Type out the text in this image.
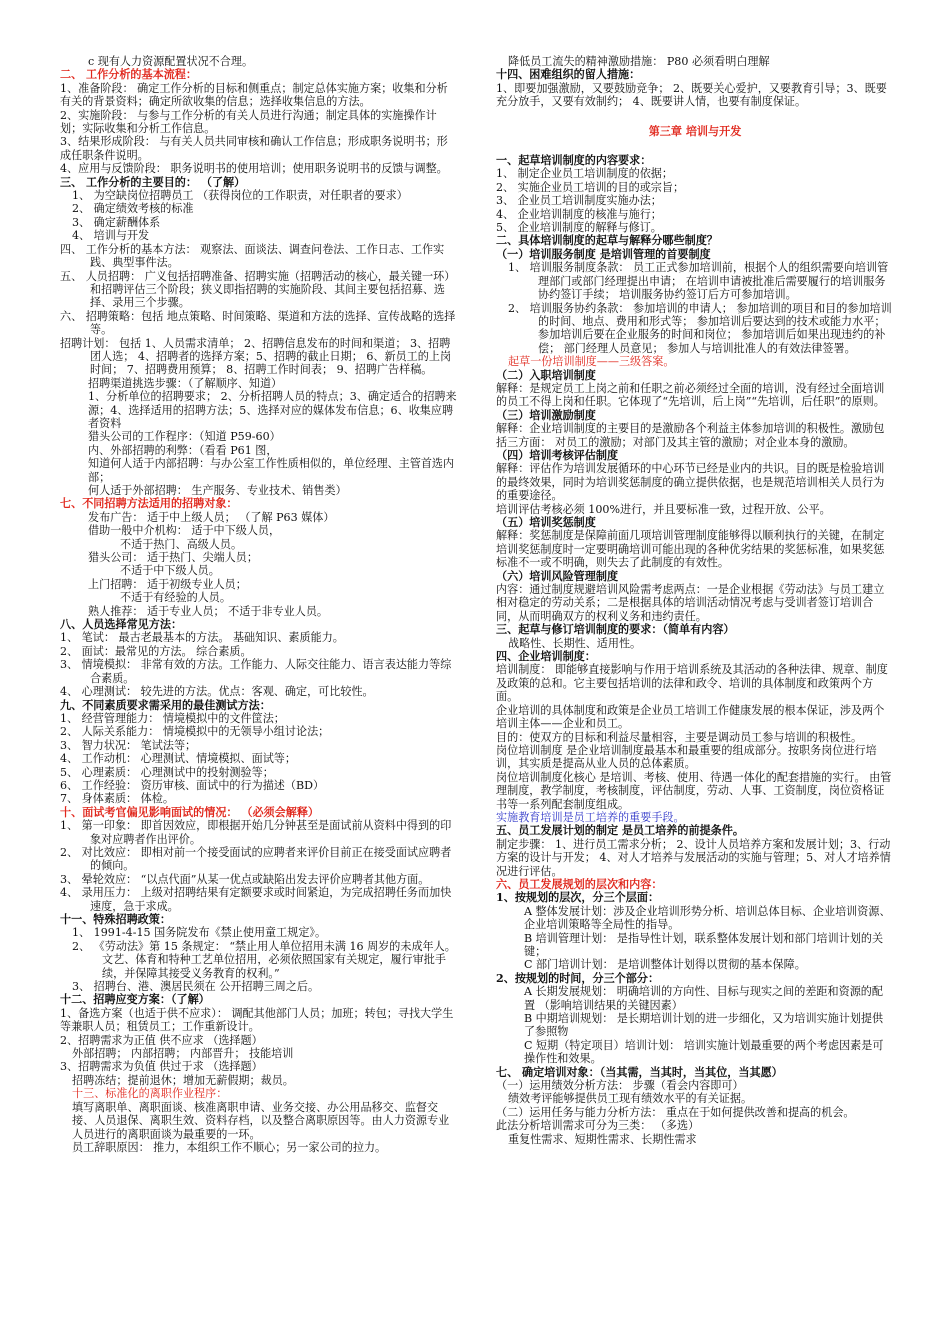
c 现有人力资源配置状况不合理。

二、 工作分析的基本流程：

1、准备阶段： 确定工作分析的目标和侧重点；制定总体实施方案；收集和分析有关的背景资料；确定所欲收集的信息；选择收集信息的方法。

2、实施阶段： 与参与工作分析的有关人员进行沟通；制定具体的实施操作计划；实际收集和分析工作信息。

3、结果形成阶段： 与有关人员共同审核和确认工作信息；形成职务说明书；形成任职条件说明。

4、应用与反馈阶段： 职务说明书的使用培训；使用职务说明书的反馈与调整。

三、 工作分析的主要目的： （了解）

1、 为空缺岗位招聘员工 （获得岗位的工作职责，对任职者的要求）

2、 确定绩效考核的标准

3、 确定薪酬体系

4、 培训与开发

四、 工作分析的基本方法： 观察法、面谈法、调查问卷法、工作日志、工作实践、典型事件法。

五、 人员招聘： 广义包括招聘准备、招聘实施（招聘活动的核心，最关键一环）和招聘评估三个阶段；狭义即指招聘的实施阶段、其间主要包括招募、选择、录用三个步骤。

六、 招聘策略：包括 地点策略、时间策略、渠道和方法的选择、宣传战略的选择等。

招聘计划： 包括 1、人员需求清单； 2、招聘信息发布的时间和渠道； 3、招聘团人选； 4、招聘者的选择方案；5、招聘的截止日期； 6、新员工的上岗时间； 7、招聘费用预算； 8、招聘工作时间表； 9、招聘广告样稿。

招聘渠道挑选步骤：（了解顺序、知道）

1、分析单位的招聘要求； 2、分析招聘人员的特点；3、确定适合的招聘来源；4、选择适用的招聘方法；5、选择对应的媒体发布信息；6、收集应聘者资料

猎头公司的工作程序：（知道 P59-60）

内、外部招聘的利弊：（看看 P61 图，

知道何人适于内部招聘：与办公室工作性质相似的，单位经理、主管首选内部；

何人适于外部招聘： 生产服务、专业技术、销售类）

七、不同招聘方法适用的招聘对象：

发布广告： 适于中上级人员； （了解 P63 媒体）

借助一般中介机构： 适于中下级人员，

不适于热门、高级人员。

猎头公司： 适于热门、尖端人员；

不适于中下级人员。

上门招聘： 适于初级专业人员；

不适于有经验的人员。

熟人推荐： 适于专业人员； 不适于非专业人员。

八、人员选择常见方法：

1、 笔试： 最古老最基本的方法。 基础知识、素质能力。

2、 面试：最常见的方法。 综合素质。

3、 情境模拟： 非常有效的方法。工作能力、人际交往能力、语言表达能力等综合素质。

4、 心理测试： 较先进的方法。优点：客观、确定，可比较性。

九、不同素质要求需采用的最佳测试方法：

1、 经营管理能力： 情境模拟中的文件筐法；

2、 人际关系能力： 情境模拟中的无领导小组讨论法；

3、 智力状况： 笔试法等；

4、 工作动机： 心理测试、情境模拟、面试等；

5、 心理素质： 心理测试中的投射测验等；

6、 工作经验： 资历审核、面试中的行为描述（BD）

7、 身体素质： 体检。

十、面试考官偏见影响面试的情况： （必须会解释）

1、 第一印象： 即首因效应，即根据开始几分钟甚至是面试前从资料中得到的印象对应聘者作出评价。

2、 对比效应： 即相对前一个接受面试的应聘者来评价目前正在接受面试应聘者的倾向。

3、 晕轮效应： “以点代面”从某一优点或缺陷出发去评价应聘者其他方面。

4、 录用压力： 上级对招聘结果有定额要求或时间紧迫，为完成招聘任务而加快速度，急于求成。

十一、特殊招聘政策：

1、 1991-4-15 国务院发布《禁止使用童工规定》。

2、 《劳动法》第 15 条规定： “禁止用人单位招用未满 16 周岁的未成年人。文艺、体育和特种工艺单位招用，必须依照国家有关规定，履行审批手续，并保障其接受义务教育的权利。”

3、 招聘台、港、澳居民须在 公开招聘三周之后。

十二、招聘应变方案：（了解）

1、备选方案（也适于供不应求）： 调配其他部门人员；加班；转包；寻找大学生等兼职人员；租赁员工；工作重新设计。

2、招聘需求为正值 供不应求 （选择题）

外部招聘； 内部招聘； 内部晋升； 技能培训

3、招聘需求为负值 供过于求 （选择题）

招聘冻结；提前退休；增加无薪假期；裁员。

十三、标准化的离职作业程序：

填写离职单、离职面谈、核准离职申请、业务交接、办公用品移交、监督交接、人员退保、离职生效、资料存档，以及整合离职原因等。由人力资源专业人员进行的离职面谈为最重要的一环。

员工辞职原因： 推力，本组织工作不顺心；另一家公司的拉力。

降低员工流失的精神激励措施： P80 必须看明白理解

十四、困难组织的留人措施：

1、即要加强激励，又要鼓励竞争； 2、既要关心爱护，又要教育引导；3、既要充分放手，又要有效制约； 4、既要讲人情，也要有制度保证。

第三章 培训与开发

一、起草培训制度的内容要求：

1、 制定企业员工培训制度的依据；

2、 实施企业员工培训的目的或宗旨；

3、 企业员工培训制度实施办法；

4、 企业培训制度的核准与施行；

5、 企业培训制度的解释与修订。

二、具体培训制度的起草与解释分哪些制度？

（一）培训服务制度 是培训管理的首要制度

1、 培训服务制度条款： 员工正式参加培训前，根据个人的组织需要向培训管理部门或部门经理提出申请； 在培训申请被批准后需要履行的培训服务协约签订手续； 培训服务协约签订后方可参加培训。

2、 培训服务协约条款： 参加培训的申请人； 参加培训的项目和目的参加培训的时间、地点、费用和形式等； 参加培训后要达到的技术或能力水平； 参加培训后要在企业服务的时间和岗位； 参加培训后如果出现违约的补偿； 部门经理人员意见； 参加人与培训批准人的有效法律签署。

起草一份培训制度——三级答案。

（二）入职培训制度

解释：是规定员工上岗之前和任职之前必须经过全面的培训，没有经过全面培训的员工不得上岗和任职。它体现了“先培训，后上岗”“先培训，后任职”的原则。

（三）培训激励制度

解释：企业培训制度的主要目的是激励各个利益主体参加培训的积极性。激励包括三方面： 对员工的激励；对部门及其主管的激励；对企业本身的激励。

（四）培训考核评估制度

解释：评估作为培训发展循环的中心环节已经是业内的共识。目的既是检验培训的最终效果，同时为培训奖惩制度的确立提供依据，也是规范培训相关人员行为的重要途径。

培训评估考核必须 100%进行，并且要标准一致，过程开放、公平。

（五）培训奖惩制度

解释：奖惩制度是保障前面几项培训管理制度能够得以顺利执行的关键，在制定培训奖惩制度时一定要明确培训可能出现的各种优劣结果的奖惩标准，如果奖惩标准不一或不明确，则失去了此制度的有效性。

（六）培训风险管理制度

内容：通过制度规避培训风险需考虑两点：一是企业根据《劳动法》与员工建立相对稳定的劳动关系；二是根据具体的培训活动情况考虑与受训者签订培训合同，从而明确双方的权利义务和违约责任。

三、起草与修订培训制度的要求：（简单有内容）

战略性、长期性、适用性。

四、企业培训制度：

培训制度： 即能够直接影响与作用于培训系统及其活动的各种法律、规章、制度及政策的总和。它主要包括培训的法律和政令、培训的具体制度和政策两个方面。

企业培训的具体制度和政策是企业员工培训工作健康发展的根本保证，涉及两个培训主体——企业和员工。

目的：使双方的目标和利益尽量相容，主要是调动员工参与培训的积极性。

岗位培训制度 是企业培训制度最基本和最重要的组成部分。按职务岗位进行培训，其实质是提高从业人员的总体素质。

岗位培训制度化核心 是培训、考核、使用、待遇一体化的配套措施的实行。 由管理制度，教学制度，考核制度，评估制度，劳动、人事、工资制度，岗位资格证书等一系列配套制度组成。

实施教育培训是员工培养的重要手段。

五、员工发展计划的制定 是员工培养的前提条件。

制定步骤： 1、进行员工需求分析； 2、设计人员培养方案和发展计划；3、行动方案的设计与开发； 4、对人才培养与发展活动的实施与管理；5、对人才培养情况进行评估。

六、员工发展规划的层次和内容：

1、按规划的层次，分三个层面：

A 整体发展计划：涉及企业培训形势分析、培训总体目标、企业培训资源、企业培训策略等全局性的指导。

B 培训管理计划： 是指导性计划，联系整体发展计划和部门培训计划的关键；

C 部门培训计划： 是培训整体计划得以贯彻的基本保障。

2、按规划的时间，分三个部分：

A 长期发展规划： 明确培训的方向性、目标与现实之间的差距和资源的配置 （影响培训结果的关键因素）

B 中期培训规划： 是长期培训计划的进一步细化，又为培训实施计划提供了参照物

C 短期（特定项目）培训计划： 培训实施计划最重要的两个考虑因素是可操作性和效果。

七、 确定培训对象：（当其需，当其时，当其位，当其愿）

（一）运用绩效分析方法： 步骤（看会内容即可）

绩效考评能够提供员工现有绩效水平的有关证据。

（二）运用任务与能力分析方法： 重点在于如何提供改善和提高的机会。

此法分析培训需求可分为三类： （多选）

重复性需求、短期性需求、长期性需求
